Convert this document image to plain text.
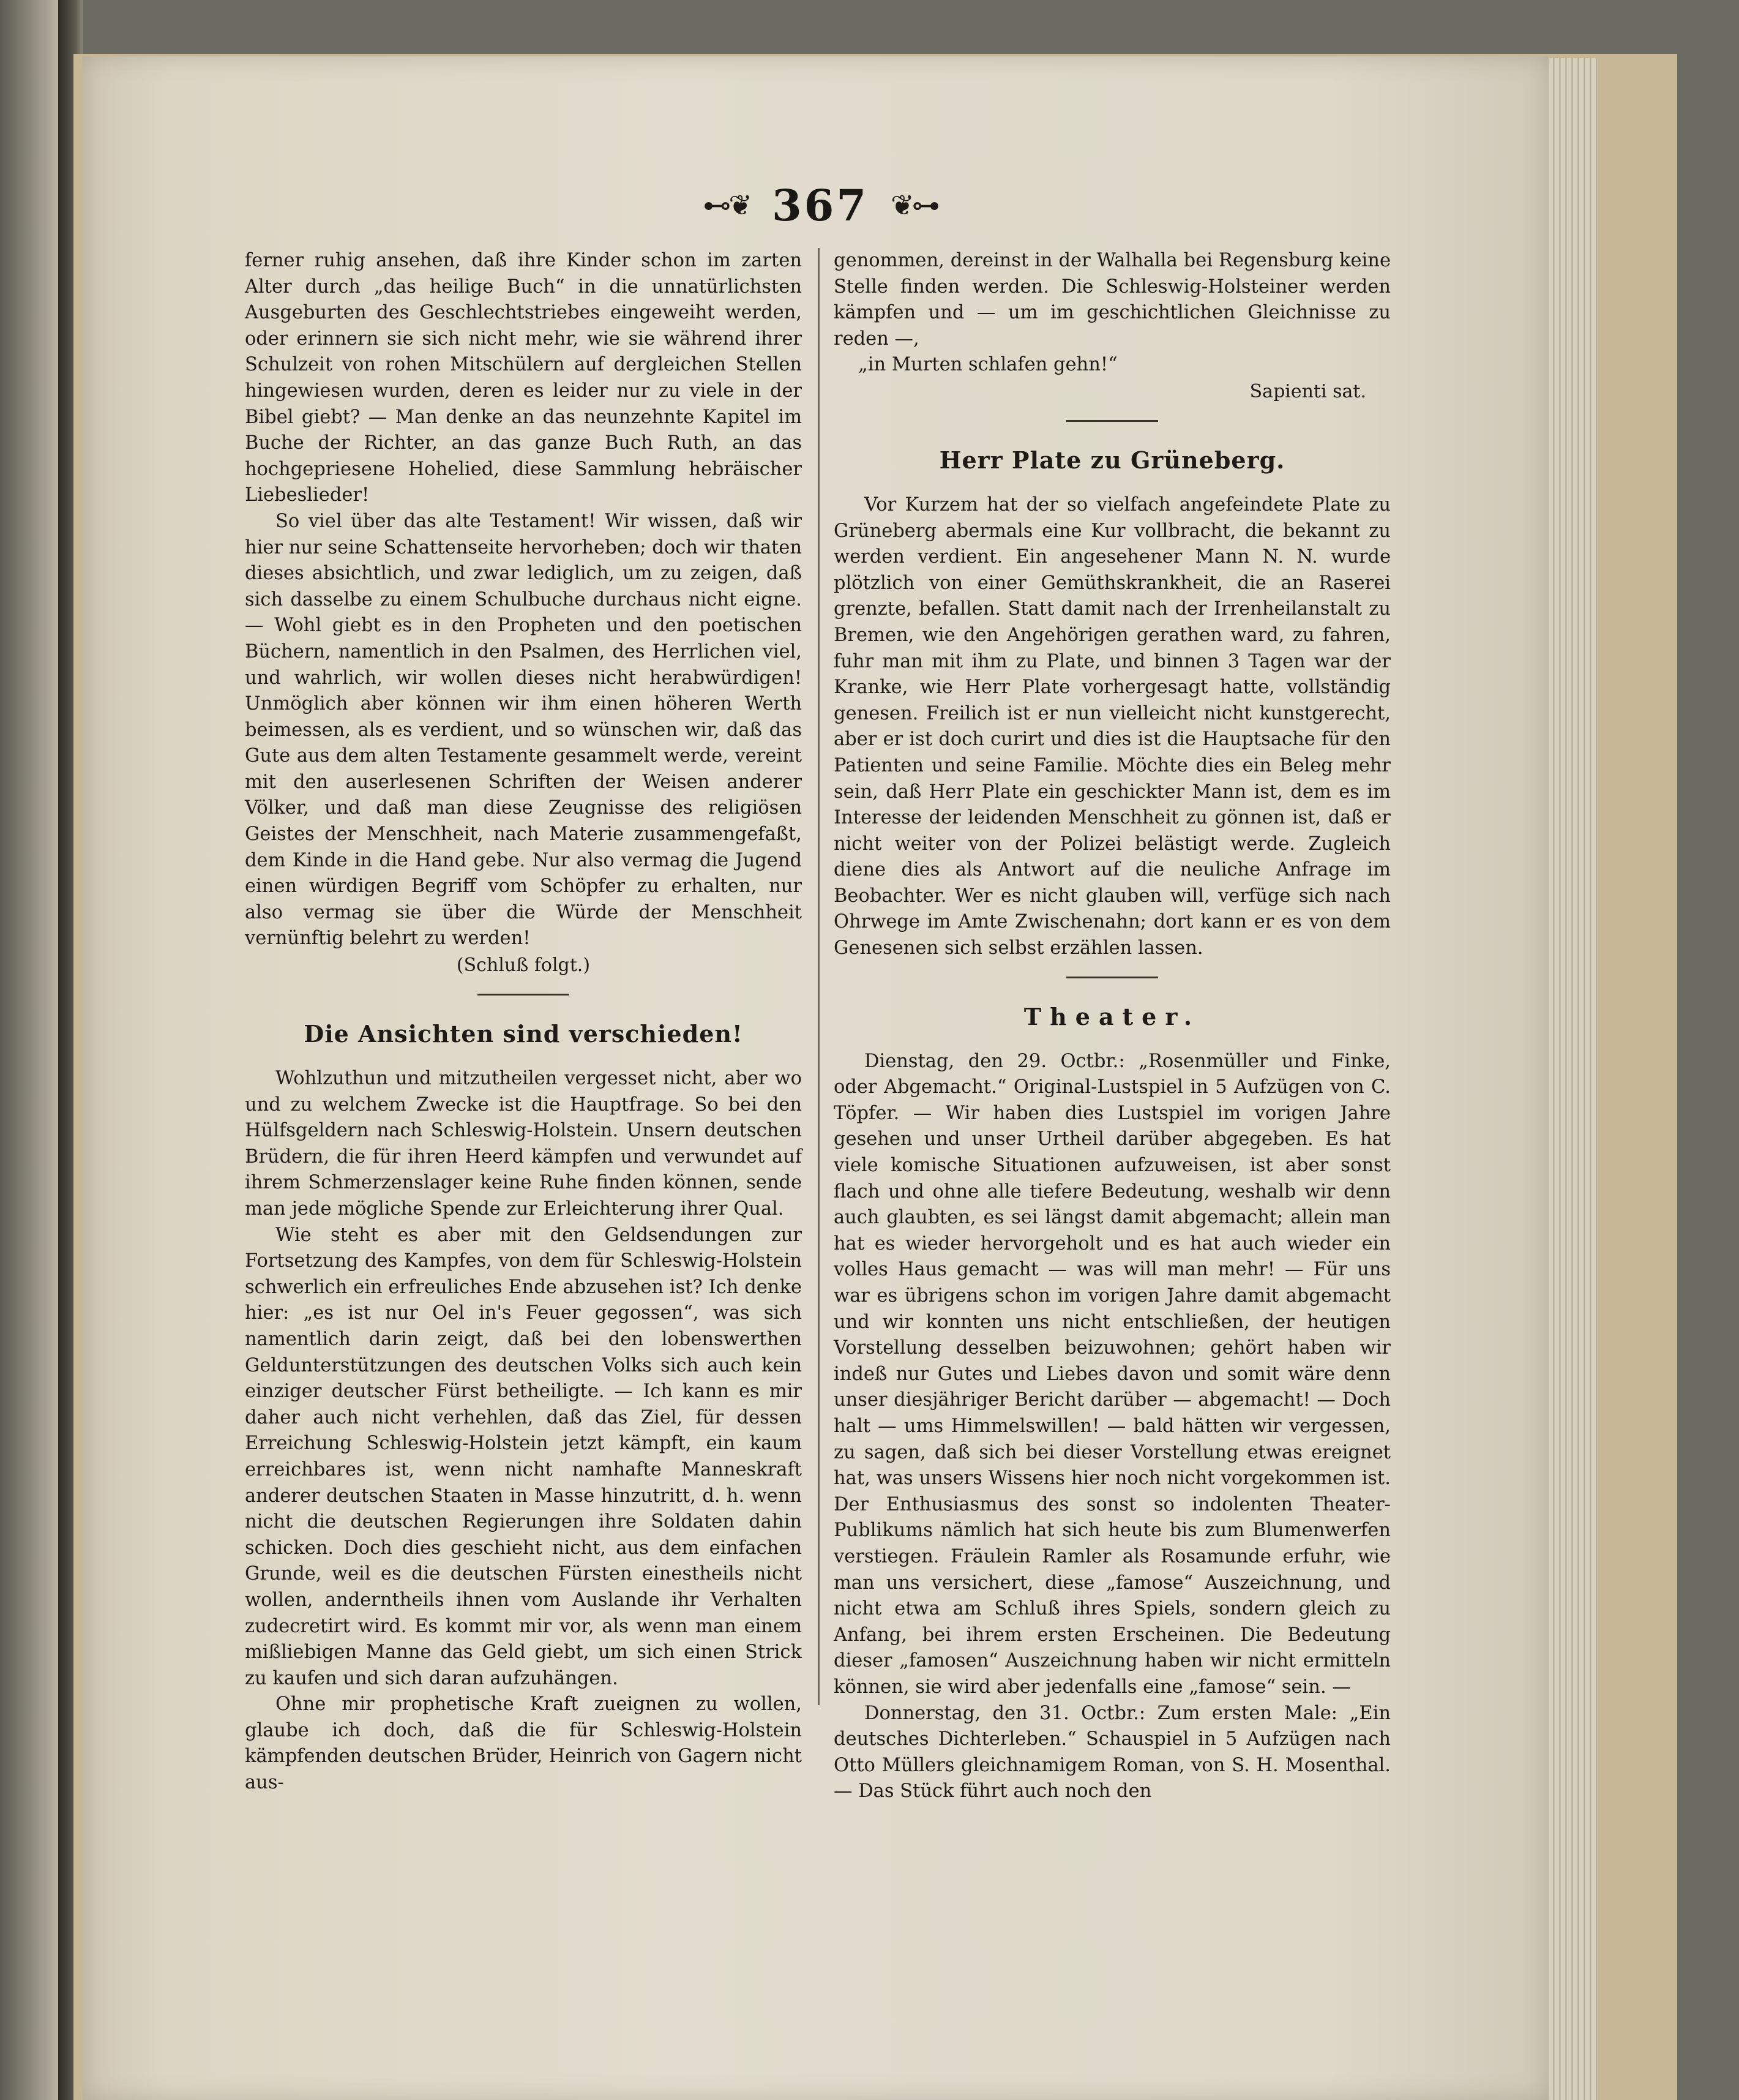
⊷❦ 367 ❦⊶

ferner ruhig ansehen, daß ihre Kinder schon im zarten Alter durch „das heilige Buch“ in die unnatürlichsten Ausgeburten des Geschlechtstriebes eingeweiht werden, oder erinnern sie sich nicht mehr, wie sie während ihrer Schulzeit von rohen Mitschülern auf dergleichen Stellen hingewiesen wurden, deren es leider nur zu viele in der Bibel giebt? — Man denke an das neunzehnte Kapitel im Buche der Richter, an das ganze Buch Ruth, an das hochgepriesene Hohelied, diese Sammlung hebräischer Liebeslieder!

So viel über das alte Testament! Wir wissen, daß wir hier nur seine Schattenseite hervorheben; doch wir thaten dieses absichtlich, und zwar lediglich, um zu zeigen, daß sich dasselbe zu einem Schulbuche durchaus nicht eigne. — Wohl giebt es in den Propheten und den poetischen Büchern, namentlich in den Psalmen, des Herrlichen viel, und wahrlich, wir wollen dieses nicht herabwürdigen! Unmöglich aber können wir ihm einen höheren Werth beimessen, als es verdient, und so wünschen wir, daß das Gute aus dem alten Testamente gesammelt werde, vereint mit den auserlesenen Schriften der Weisen anderer Völker, und daß man diese Zeugnisse des religiösen Geistes der Menschheit, nach Materie zusammengefaßt, dem Kinde in die Hand gebe. Nur also vermag die Jugend einen würdigen Begriff vom Schöpfer zu erhalten, nur also vermag sie über die Würde der Menschheit vernünftig belehrt zu werden!

(Schluß folgt.)

Die Ansichten sind verschieden!

Wohlzuthun und mitzutheilen vergesset nicht, aber wo und zu welchem Zwecke ist die Hauptfrage. So bei den Hülfsgeldern nach Schleswig-Holstein. Unsern deutschen Brüdern, die für ihren Heerd kämpfen und verwundet auf ihrem Schmerzenslager keine Ruhe finden können, sende man jede mögliche Spende zur Erleichterung ihrer Qual.

Wie steht es aber mit den Geldsendungen zur Fortsetzung des Kampfes, von dem für Schleswig-Holstein schwerlich ein erfreuliches Ende abzusehen ist? Ich denke hier: „es ist nur Oel in's Feuer gegossen“, was sich namentlich darin zeigt, daß bei den lobenswerthen Geldunterstützungen des deutschen Volks sich auch kein einziger deutscher Fürst betheiligte. — Ich kann es mir daher auch nicht verhehlen, daß das Ziel, für dessen Erreichung Schleswig-Holstein jetzt kämpft, ein kaum erreichbares ist, wenn nicht namhafte Manneskraft anderer deutschen Staaten in Masse hinzutritt, d. h. wenn nicht die deutschen Regierungen ihre Soldaten dahin schicken. Doch dies geschieht nicht, aus dem einfachen Grunde, weil es die deutschen Fürsten einestheils nicht wollen, anderntheils ihnen vom Auslande ihr Verhalten zudecretirt wird. Es kommt mir vor, als wenn man einem mißliebigen Manne das Geld giebt, um sich einen Strick zu kaufen und sich daran aufzuhängen.

Ohne mir prophetische Kraft zueignen zu wollen, glaube ich doch, daß die für Schleswig-Holstein kämpfenden deutschen Brüder, Heinrich von Gagern nicht aus-

genommen, dereinst in der Walhalla bei Regensburg keine Stelle finden werden. Die Schleswig-Holsteiner werden kämpfen und — um im geschichtlichen Gleichnisse zu reden —,

„in Murten schlafen gehn!“

Sapienti sat.

Herr Plate zu Grüneberg.

Vor Kurzem hat der so vielfach angefeindete Plate zu Grüneberg abermals eine Kur vollbracht, die bekannt zu werden verdient. Ein angesehener Mann N. N. wurde plötzlich von einer Gemüthskrankheit, die an Raserei grenzte, befallen. Statt damit nach der Irrenheilanstalt zu Bremen, wie den Angehörigen gerathen ward, zu fahren, fuhr man mit ihm zu Plate, und binnen 3 Tagen war der Kranke, wie Herr Plate vorhergesagt hatte, vollständig genesen. Freilich ist er nun vielleicht nicht kunstgerecht, aber er ist doch curirt und dies ist die Hauptsache für den Patienten und seine Familie. Möchte dies ein Beleg mehr sein, daß Herr Plate ein geschickter Mann ist, dem es im Interesse der leidenden Menschheit zu gönnen ist, daß er nicht weiter von der Polizei belästigt werde. Zugleich diene dies als Antwort auf die neuliche Anfrage im Beobachter. Wer es nicht glauben will, verfüge sich nach Ohrwege im Amte Zwischenahn; dort kann er es von dem Genesenen sich selbst erzählen lassen.

Theater.

Dienstag, den 29. Octbr.: „Rosenmüller und Finke, oder Abgemacht.“ Original-Lustspiel in 5 Aufzügen von C. Töpfer. — Wir haben dies Lustspiel im vorigen Jahre gesehen und unser Urtheil darüber abgegeben. Es hat viele komische Situationen aufzuweisen, ist aber sonst flach und ohne alle tiefere Bedeutung, weshalb wir denn auch glaubten, es sei längst damit abgemacht; allein man hat es wieder hervorgeholt und es hat auch wieder ein volles Haus gemacht — was will man mehr! — Für uns war es übrigens schon im vorigen Jahre damit abgemacht und wir konnten uns nicht entschließen, der heutigen Vorstellung desselben beizuwohnen; gehört haben wir indeß nur Gutes und Liebes davon und somit wäre denn unser diesjähriger Bericht darüber — abgemacht! — Doch halt — ums Himmelswillen! — bald hätten wir vergessen, zu sagen, daß sich bei dieser Vorstellung etwas ereignet hat, was unsers Wissens hier noch nicht vorgekommen ist. Der Enthusiasmus des sonst so indolenten Theater-Publikums nämlich hat sich heute bis zum Blumenwerfen verstiegen. Fräulein Ramler als Rosamunde erfuhr, wie man uns versichert, diese „famose“ Auszeichnung, und nicht etwa am Schluß ihres Spiels, sondern gleich zu Anfang, bei ihrem ersten Erscheinen. Die Bedeutung dieser „famosen“ Auszeichnung haben wir nicht ermitteln können, sie wird aber jedenfalls eine „famose“ sein. —

Donnerstag, den 31. Octbr.: Zum ersten Male: „Ein deutsches Dichterleben.“ Schauspiel in 5 Aufzügen nach Otto Müllers gleichnamigem Roman, von S. H. Mosenthal. — Das Stück führt auch noch den
